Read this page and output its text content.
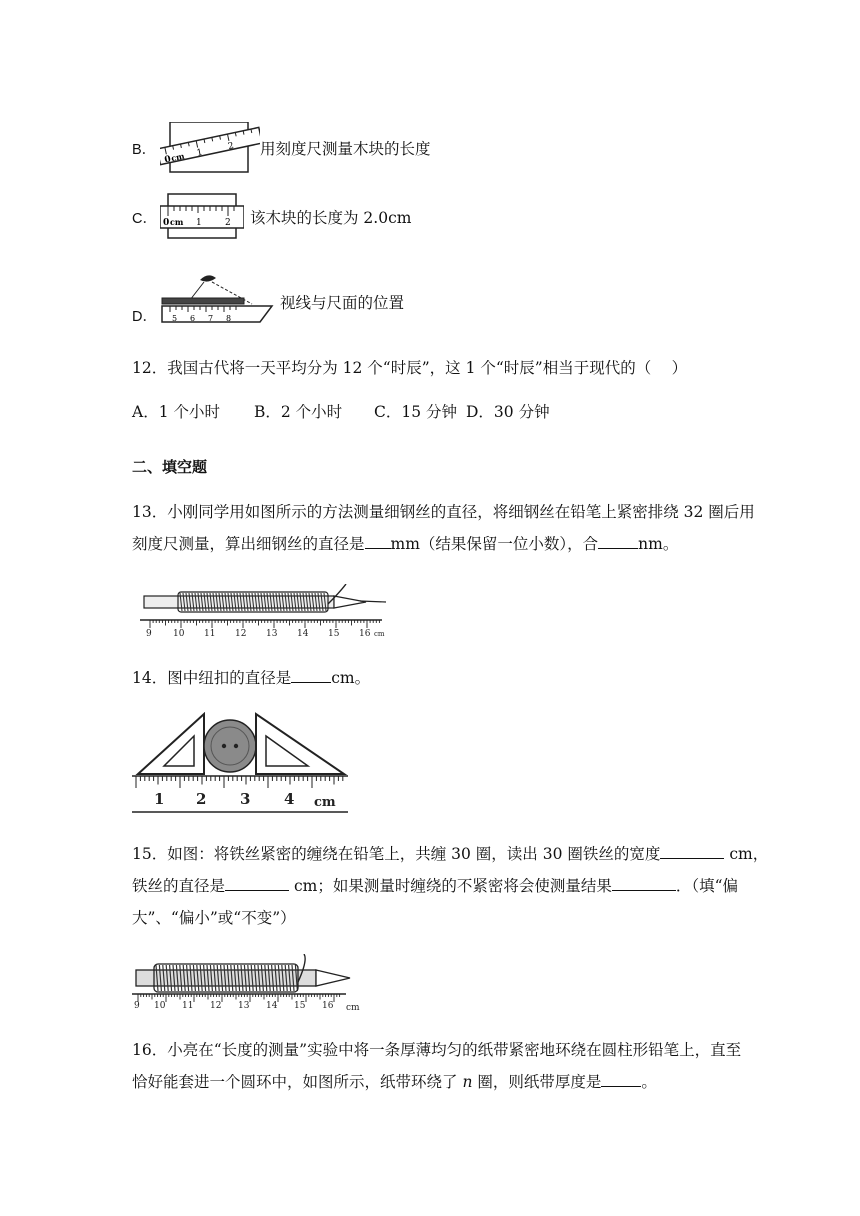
B．
0
cm 1
2 用刻度尺测量木块的长度
C． 0 cm 1	2 该木块的长度为 2.0cm
D．	5 6 7 8
视线与尺面的位置
12．我国古代将一天平均分为 12 个“时辰”，这 1 个“时辰”相当于现代的（　 ）
A．1 个小时	B．2 个小时	C．15 分钟 D．30 分钟
二、填空题
13．小刚同学用如图所示的方法测量细钢丝的直径，将细钢丝在铅笔上紧密排绕 32 圈后用
刻度尺测量，算出细钢丝的直径是 mm（结果保留一位小数），合	nm。
9 10 11 12 13 14 15 16 cm
14．图中纽扣的直径是	cm。
1 2 3 4 cm
15．如图：将铁丝紧密的缠绕在铅笔上，共缠 30 圈，读出 30 圈铁丝的宽度	cm，
铁丝的直径是	cm；如果测量时缠绕的不紧密将会使测量结果	．（填“偏
大”、“偏小”或“不变”）
9 10 11 12 13 14 15 16 cm
16．小亮在“长度的测量”实验中将一条厚薄均匀的纸带紧密地环绕在圆柱形铅笔上，直至
恰好能套进一个圆环中，如图所示，纸带环绕了 n 圈，则纸带厚度是	。
